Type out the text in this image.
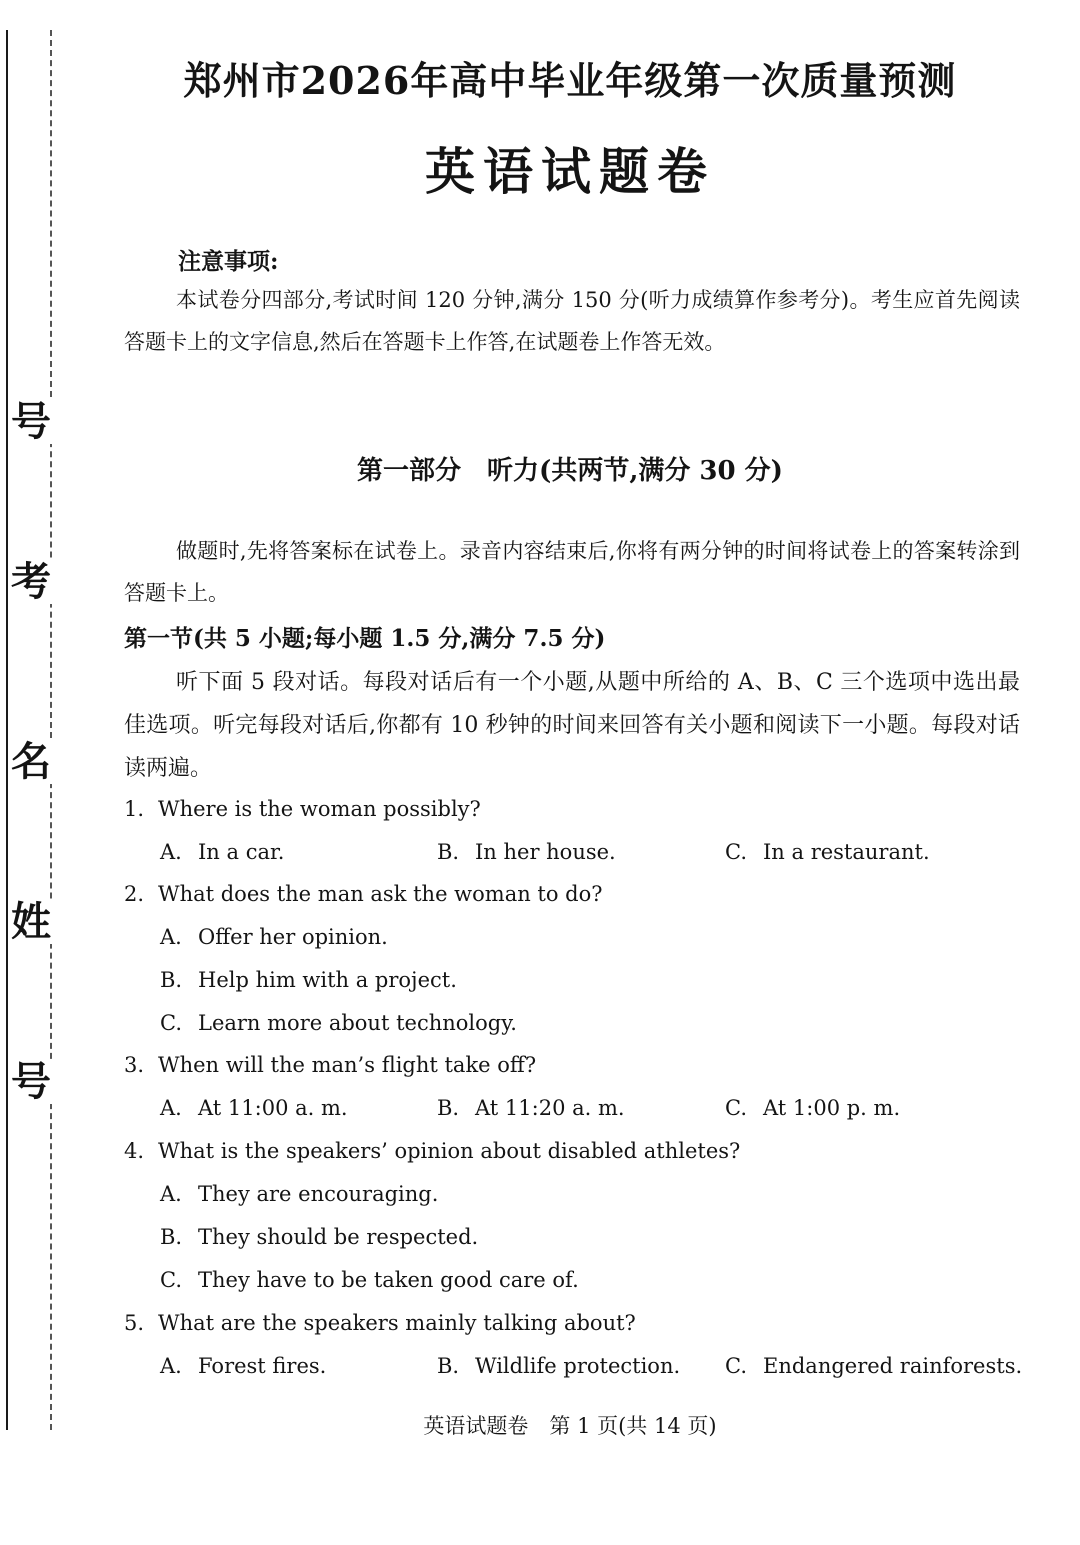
号
考
名
姓
号
郑州市2026年高中毕业年级第一次质量预测
英语试题卷
注意事项:

本试卷分四部分,考试时间 120 分钟,满分 150 分(听力成绩算作参考分)。考生应首先阅读答题卡上的文字信息,然后在答题卡上作答,在试题卷上作答无效。

第一部分　听力(共两节,满分 30 分)

做题时,先将答案标在试卷上。录音内容结束后,你将有两分钟的时间将试卷上的答案转涂到答题卡上。

第一节(共 5 小题;每小题 1.5 分,满分 7.5 分)

听下面 5 段对话。每段对话后有一个小题,从题中所给的 A、B、C 三个选项中选出最佳选项。听完每段对话后,你都有 10 秒钟的时间来回答有关小题和阅读下一小题。每段对话读两遍。

1. Where is the woman possibly?
A. In a car.	B. In her house.	C. In a restaurant.
2. What does the man ask the woman to do?
A. Offer her opinion.
B. Help him with a project.
C. Learn more about technology.
3. When will the man’s flight take off?
A. At 11:00 a. m.	B. At 11:20 a. m.	C. At 1:00 p. m.
4. What is the speakers’ opinion about disabled athletes?
A. They are encouraging.
B. They should be respected.
C. They have to be taken good care of.
5. What are the speakers mainly talking about?
A. Forest fires.	B. Wildlife protection. C. Endangered rainforests.
英语试题卷　第 1 页(共 14 页)
